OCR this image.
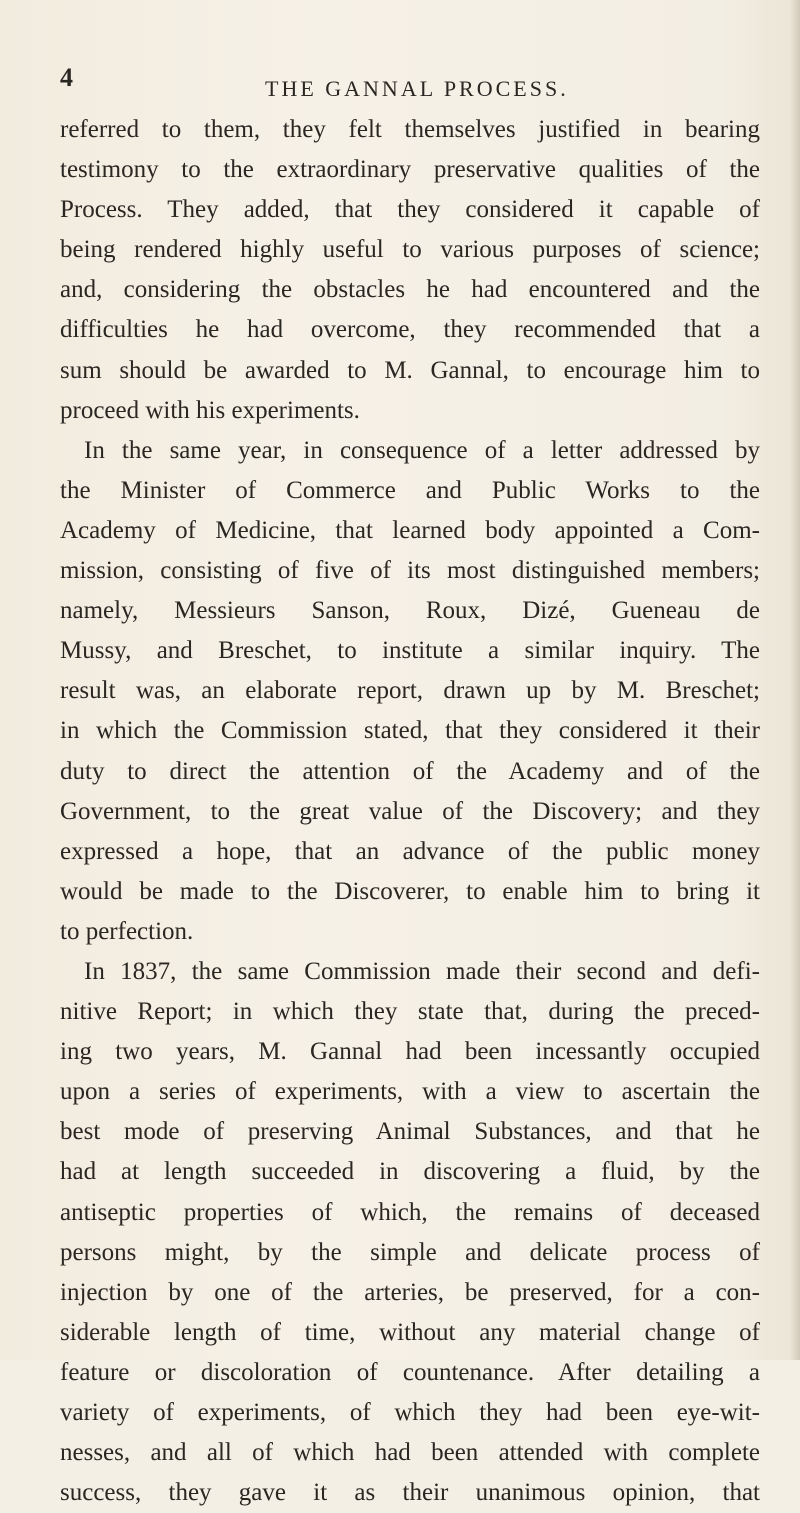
4	THE GANNAL PROCESS.
referred to them, they felt themselves justified in bearing
testimony to the extraordinary preservative qualities of the
Process. They added, that they considered it capable of
being rendered highly useful to various purposes of science;
and, considering the obstacles he had encountered and the
difficulties he had overcome, they recommended that a
sum should be awarded to M. Gannal, to encourage him to
proceed with his experiments.
In the same year, in consequence of a letter addressed by
the Minister of Commerce and Public Works to the
Academy of Medicine, that learned body appointed a Com-
mission, consisting of five of its most distinguished members;
namely, Messieurs Sanson, Roux, Dizé, Gueneau de
Mussy, and Breschet, to institute a similar inquiry. The
result was, an elaborate report, drawn up by M. Breschet;
in which the Commission stated, that they considered it their
duty to direct the attention of the Academy and of the
Government, to the great value of the Discovery; and they
expressed a hope, that an advance of the public money
would be made to the Discoverer, to enable him to bring it
to perfection.
In 1837, the same Commission made their second and defi-
nitive Report; in which they state that, during the preced-
ing two years, M. Gannal had been incessantly occupied
upon a series of experiments, with a view to ascertain the
best mode of preserving Animal Substances, and that he
had at length succeeded in discovering a fluid, by the
antiseptic properties of which, the remains of deceased
persons might, by the simple and delicate process of
injection by one of the arteries, be preserved, for a con-
siderable length of time, without any material change of
feature or discoloration of countenance. After detailing a
variety of experiments, of which they had been eye-wit-
nesses, and all of which had been attended with complete
success, they gave it as their unanimous opinion, that
